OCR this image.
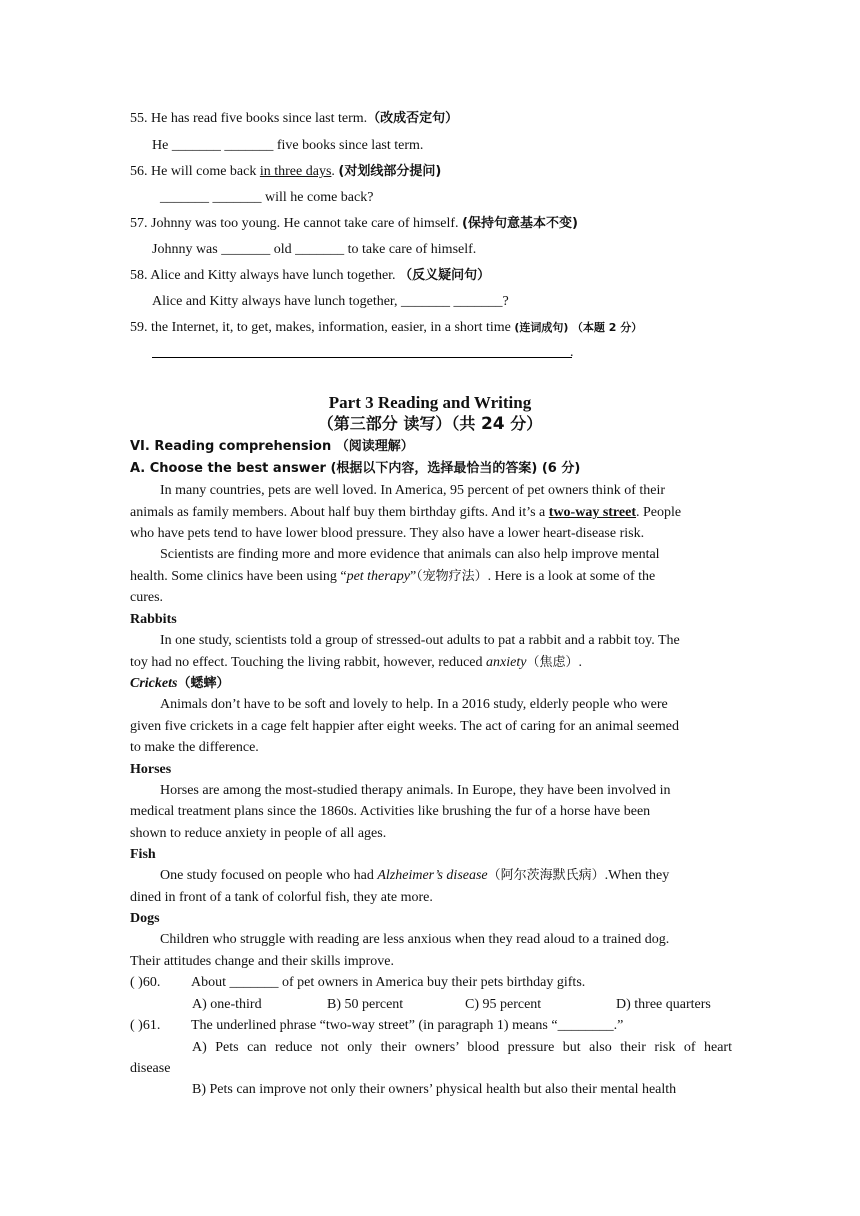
55. He has read five books since last term.（改成否定句）
He _______ _______ five books since last term.
56. He will come back in three days. (对划线部分提问)
_______ _______ will he come back?
57. Johnny was too young. He cannot take care of himself. (保持句意基本不变)
Johnny was _______ old _______ to take care of himself.
58. Alice and Kitty always have lunch together. （反义疑问句）
Alice and Kitty always have lunch together, _______ _______?
59. the Internet, it, to get, makes, information, easier, in a short time (连词成句) （本题 2 分）
.
Part 3 Reading and Writing
（第三部分 读写）（共 24 分）
VI. Reading comprehension （阅读理解）
A. Choose the best answer (根据以下内容，选择最恰当的答案) (6 分)
In many countries, pets are well loved. In America, 95 percent of pet owners think of their
animals as family members. About half buy them birthday gifts. And it’s a two-way street. People
who have pets tend to have lower blood pressure. They also have a lower heart-disease risk.
Scientists are finding more and more evidence that animals can also help improve mental
health. Some clinics have been using “pet therapy”（宠物疗法）. Here is a look at some of the
cures.
Rabbits
In one study, scientists told a group of stressed-out adults to pat a rabbit and a rabbit toy. The
toy had no effect. Touching the living rabbit, however, reduced anxiety（焦虑）.
Crickets（蟋蟀）
Animals don’t have to be soft and lovely to help. In a 2016 study, elderly people who were
given five crickets in a cage felt happier after eight weeks. The act of caring for an animal seemed
to make the difference.
Horses
Horses are among the most-studied therapy animals. In Europe, they have been involved in
medical treatment plans since the 1860s. Activities like brushing the fur of a horse have been
shown to reduce anxiety in people of all ages.
Fish
One study focused on people who had Alzheimer’s disease（阿尔茨海默氏病）.When they
dined in front of a tank of colorful fish, they ate more.
Dogs
Children who struggle with reading are less anxious when they read aloud to a trained dog.
Their attitudes change and their skills improve.
( )60. About _______ of pet owners in America buy their pets birthday gifts.
A) one-third	B) 50 percent	C) 95 percent	D) three quarters
( )61. The underlined phrase “two-way street” (in paragraph 1) means “________.”
A) Pets can reduce not only their owners’ blood pressure but also their risk of heart
disease
B) Pets can improve not only their owners’ physical health but also their mental health
